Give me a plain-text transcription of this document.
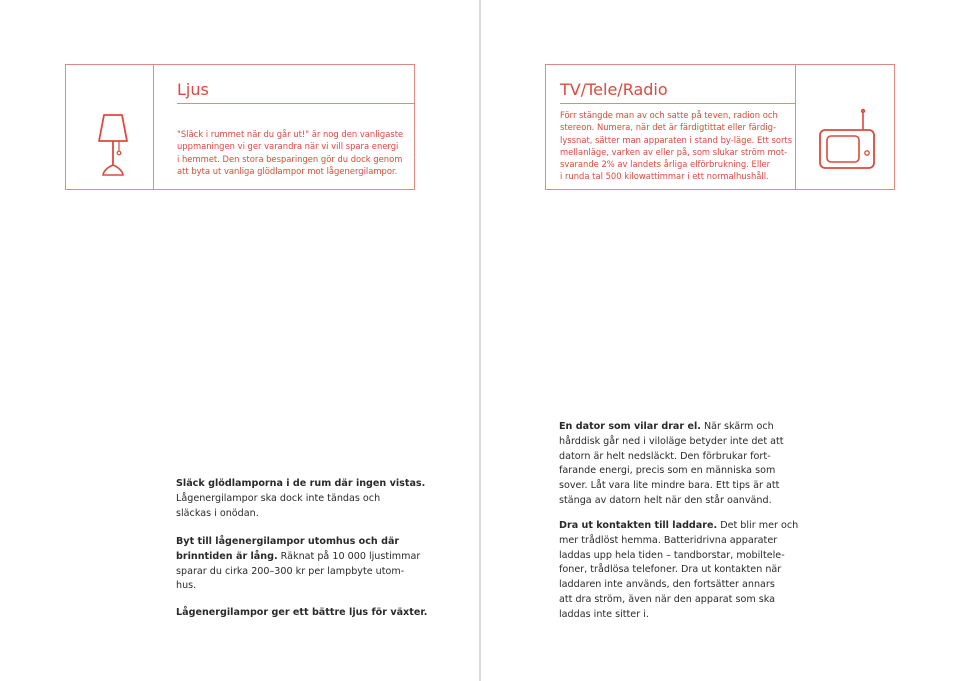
Ljus

"Släck i rummet när du går ut!" är nog den vanligaste
uppmaningen vi ger varandra när vi vill spara energi
i hemmet. Den stora besparingen gör du dock genom
att byta ut vanliga glödlampor mot lågenergilampor.

TV/Tele/Radio

Förr stängde man av och satte på teven, radion och
stereon. Numera, när det är färdigtittat eller färdig-
lyssnat, sätter man apparaten i stand by-läge. Ett sorts
mellanläge, varken av eller på, som slukar ström mot-
svarande 2% av landets årliga elförbrukning. Eller
i runda tal 500 kilowattimmar i ett normalhushåll.

Släck glödlamporna i de rum där ingen vistas.
Lågenergilampor ska dock inte tändas och
släckas i onödan.

Byt till lågenergilampor utomhus och där
brinntiden är lång. Räknat på 10 000 ljustimmar
sparar du cirka 200–300 kr per lampbyte utom-
hus.

Lågenergilampor ger ett bättre ljus för växter.

En dator som vilar drar el. När skärm och
hårddisk går ned i viloläge betyder inte det att
datorn är helt nedsläckt. Den förbrukar fort-
farande energi, precis som en människa som
sover. Låt vara lite mindre bara. Ett tips är att
stänga av datorn helt när den står oanvänd.

Dra ut kontakten till laddare. Det blir mer och
mer trådlöst hemma. Batteridrivna apparater
laddas upp hela tiden – tandborstar, mobiltele-
foner, trådlösa telefoner. Dra ut kontakten när
laddaren inte används, den fortsätter annars
att dra ström, även när den apparat som ska
laddas inte sitter i.
